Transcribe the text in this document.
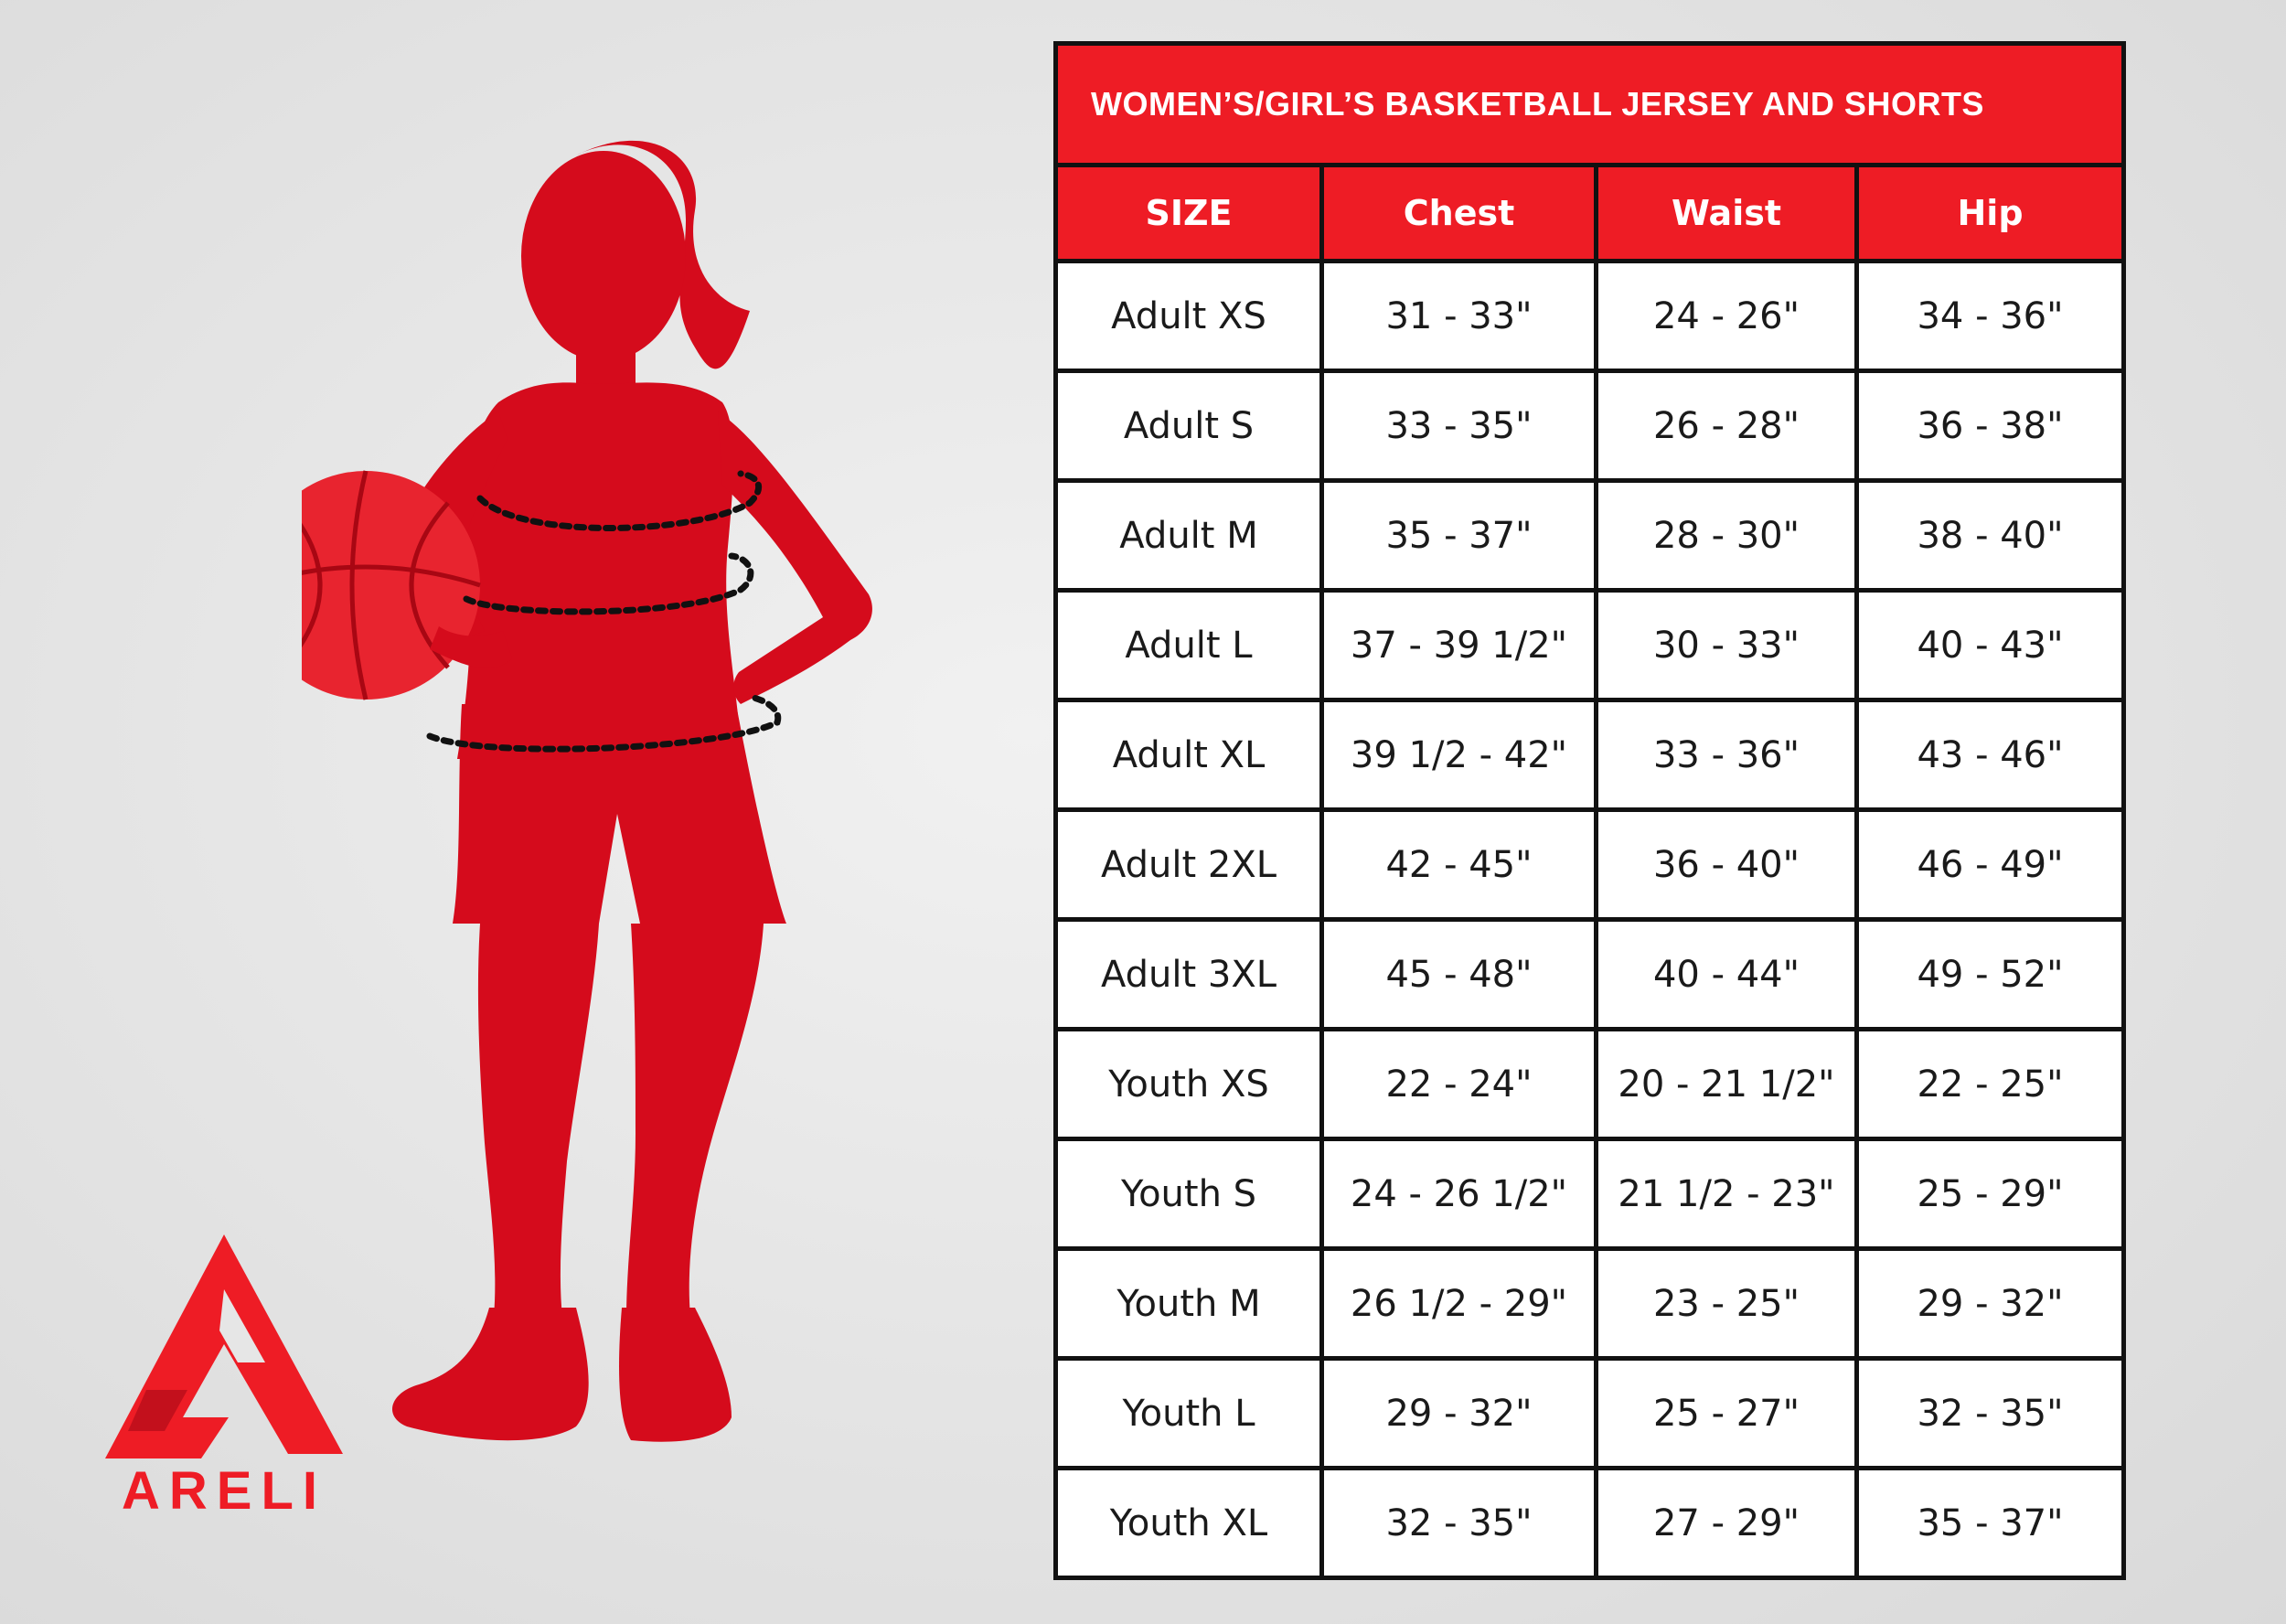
ARELI
WOMEN’S/GIRL’S BASKETBALL JERSEY AND SHORTS			
SIZE	Chest	Waist	Hip
Adult XS	31 - 33"	24 - 26"	34 - 36"
Adult S	33 - 35"	26 - 28"	36 - 38"
Adult M	35 - 37"	28 - 30"	38 - 40"
Adult L	37 - 39 1/2"	30 - 33"	40 - 43"
Adult XL	39 1/2 - 42"	33 - 36"	43 - 46"
Adult 2XL	42 - 45"	36 - 40"	46 - 49"
Adult 3XL	45 - 48"	40 - 44"	49 - 52"
Youth XS	22 - 24"	20 - 21 1/2"	22 - 25"
Youth S	24 - 26 1/2"	21 1/2 - 23"	25 - 29"
Youth M	26 1/2 - 29"	23 - 25"	29 - 32"
Youth L	29 - 32"	25 - 27"	32 - 35"
Youth XL	32 - 35"	27 - 29"	35 - 37"
